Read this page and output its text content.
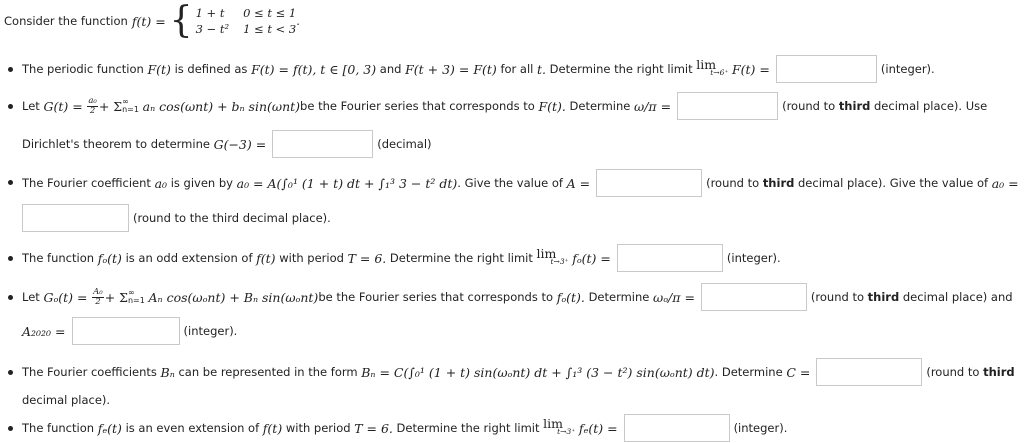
Consider the function f(t) = { 1 + t	0 ≤ t ≤ 1
3 − t² 1 ≤ t < 3
.
The periodic function
F(t)
is defined as
F(t) = f(t), t ∈ [0, 3)
and
F(t + 3) = F(t)
for all
t.
Determine the right limit
lim
t→6⁺
F(t) =	(integer).
Let
G(t) =
$\frac{\text{a₀}}{2} + \Sigma$ ∞
n=1
aₙ cos(ωnt) + bₙ sin(ωnt) be the Fourier series that corresponds to
F(t).
Determine
ω/π =	(round to third decimal place). Use
Dirichlet's theorem to determine
G(−3) =	(decimal)
The Fourier coefficient
a₀
is given by
a₀ = A (∫₀¹ (1 + t) dt + ∫₁³ 3 − t² dt) .
Give the value of
A =	(round to third decimal place). Give the value of
a₀ =
(round to the third decimal place).
The function
fₒ(t)
is an odd extension of
f(t)
with period
T = 6.
Determine the right limit
lim
t→3⁺
fₒ(t) =	(integer).
Let
Gₒ(t) =
$\frac{\text{A₀}}{2} + \Sigma$ ∞
n=1
Aₙ cos(ωₒnt) + Bₙ sin(ωₒnt) be the Fourier series that corresponds to
fₒ(t).
Determine
ωₒ/π =	(round to third decimal place) and
A₂₀₂₀ =	(integer).
The Fourier coefficients
Bₙ
can be represented in the form
Bₙ = C (∫₀¹ (1 + t) sin(ωₒnt) dt + ∫₁³ (3 − t²) sin(ωₒnt) dt) .
Determine
C =	(round to third
decimal place).
The function
fₑ(t)
is an even extension of
f(t)
with period
T = 6.
Determine the right limit
lim
t→3⁺
fₑ(t) =	(integer).
